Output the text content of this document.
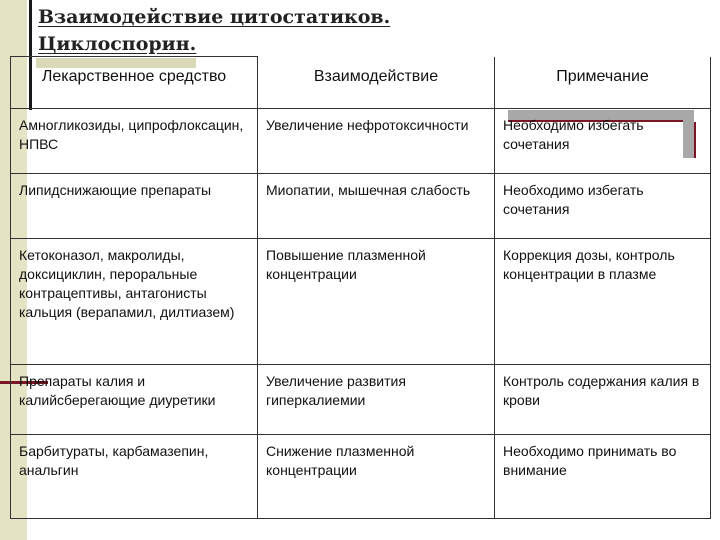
Взаимодействие цитостатиков.
Циклоспорин.
Лекарственное средство	Взаимодействие	Примечание
Амногликозиды, ципрофлоксацин, НПВС	Увеличение нефротоксичности	Необходимо избегать сочетания
Липидснижающие препараты	Миопатии, мышечная слабость	Необходимо избегать сочетания
Кетоконазол, макролиды, доксициклин, пероральные контрацептивы, антагонисты кальция (верапамил, дилтиазем)	Повышение плазменной концентрации	Коррекция дозы, контроль концентрации в плазме
Препараты калия и калийсберегающие диуретики	Увеличение развития гиперкалиемии	Контроль содержания калия в крови
Барбитураты, карбамазепин, анальгин	Снижение плазменной концентрации	Необходимо принимать во внимание
